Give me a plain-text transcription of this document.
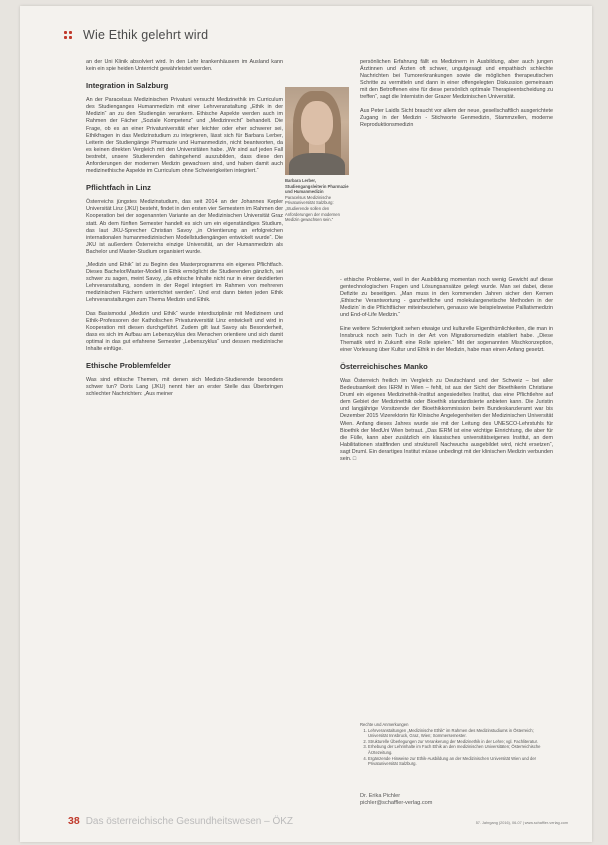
Wie Ethik gelehrt wird

an der Uni Klinik absolviert wird. In den Lehr krankenhäusern im Ausland kann kein ein spie heiden Unterricht gewährleistet werden.

Integration in Salzburg

An der Paracelsus Medizinischen Privatuni versucht Medizinethik im Curriculum des Studienganges Humanmedizin mit einer Lehrveranstaltung „Ethik in der Medizin“ an zu den Studiengän verankern. Ethische Aspekte werden auch im Rahmen der Fächer „Soziale Kompetenz“ und „Medizinrecht“ behandelt. Die Frage, ob es an einer Privatuniversität eher leichter oder eher schwerer sei, Ethikfragen in das Medizinstudium zu integrieren, lässt sich für Barbara Lerber, Leiterin der Studiengänge Pharmazie und Humanmedizin, nicht beantworten, da es keinen direkten Vergleich mit den Universitäten habe. „Wir sind auf jeden Fall bestrebt, unsere Studierenden dahingehend auszubilden, dass diese den Anforderungen der modernen Medizin gewachsen sind, und haben damit auch medizinethische Aspekte im Curriculum ohne Schwierigkeiten integriert.“

Pflichtfach in Linz

Österreichs jüngstes Medizinstudium, das seit 2014 an der Johannes Kepler Universität Linz (JKU) besteht, findet in den ersten vier Semestern im Rahmen der Kooperation bei der sogenannten Variante an der Medizinischen Universität Graz statt. Ab dem fünften Semester handelt es sich um ein eigenständiges Studium, das laut JKU-Sprecher Christian Savoy „in Orientierung an erfolgreichen internationalen humanmedizinischen Modellstudiengängen entwickelt wurde“. Die JKU ist außerdem Österreichs einzige Universität, an der Humanmedizin als Bachelor und Master-Studium organisiert wurde.

„Medizin und Ethik“ ist zu Beginn des Masterprogramms ein eigenes Pflichtfach. Dieses Bachelor/Master-Modell in Ethik ermöglicht die Studierenden gänzlich, sei schwer zu sagen, meint Savoy, „da ethische Inhalte nicht nur in einer dezidierten Lehrveranstaltung, sondern in der Regel integriert im Rahmen von mehreren medizinischen Fächern unterrichtet werden“. Und erst dann bieten jeden Ethik Lehrveranstaltungen zum Thema Medizin und Ethik.

Das Basismodul „Medizin und Ethik“ wurde interdisziplinär mit Medizinern und Ethik-Professoren der Katholischen Privatuniversität Linz entwickelt und wird in Kooperation mit diesen durchgeführt. Zudem gilt laut Savoy als Besonderheit, dass es sich im Aufbau am Lebenszyklus des Menschen orientiere und sich damit optimal in das gut erfahrene Semester „Lebenszyklus“ und dessen medizinische Inhalte einfüge.

Ethische Problemfelder

Was sind ethische Themen, mit denen sich Medizin-Studierende besonders schwer tun? Doris Lang (JKU) nennt hier an erster Stelle das Überbringen schlechter Nachrichten: „Aus meiner

Barbara Lerber, Studiengangsleiterin Pharmazie und Humanmedizin
Paracelsus Medizinische Privatuniversität Salzburg: „Studierende sollen den Anforderungen der modernen Medizin gewachsen sein.“

persönlichen Erfahrung fällt es Medizinern in Ausbildung, aber auch jungen Ärztinnen und Ärzten oft schwer, ungutgesagt und empathisch schlechte Nachrichten bei Tumorerkrankungen sowie die möglichen therapeutischen Schritte zu vermitteln und dann in einer offengelegten Diskussion gemeinsam mit den Betroffenen eine für diese persönlich optimale Therapieentscheidung zu treffen“, sagt die Internistin der Grazer Medizinischen Universität.

Aus Peter Laidls Sicht braucht vor allem der neue, gesellschaftlich ausgerichtete Zugang in der Medizin - Stichworte Genmedizin, Stammzellen, moderne Reproduktionsmedizin

- ethische Probleme, weil in der Ausbildung momentan noch wenig Gewicht auf diese gentechnologischen Fragen und Lösungsansätze gelegt wurde. Man sei dabei, diese Defizite zu beseitigen. „Man muss in den kommenden Jahren sicher den Kernen ‚Ethische Verantwortung - ganzheitliche und molekulargenetische Methoden in der Medizin‘ in die Pflichtfächer miteinbeziehen, genauso wie beispielsweise Palliativmedizin und End-of-Life Medizin.“

Eine weitere Schwierigkeit sehen etwaige und kulturelle Eigenthümlichkeiten, die man in Innsbruck noch sein Tuch in der Art von Migrationsmedizin etabliert habe. „Diese Thematik wird in Zukunft eine Rolle spielen.“ Mit der sogenannten Mischkonzeption, einer Vorlesung über Kultur und Ethik in der Medizin, habe man einen Anfang gesetzt.

Österreichisches Manko

Was Österreich freilich im Vergleich zu Deutschland und der Schweiz – bei aller Bedeutsamkeit des IERM in Wien – fehlt, ist aus der Sicht der Bioethikerin Christiane Druml ein eigenes Medizinethik-Institut angesiedeltes Institut, das eine Pflichtlehre auf dem Gebiet der Medizinethik oder Bioethik standardisierte anbieten kann. Die Juristin und langjährige Vorsitzende der Bioethikkommission beim Bundeskanzleramt war bis Dezember 2015 Vizerektorin für Klinische Angelegenheiten der Medizinischen Universität Wien. Anfang dieses Jahres wurde sie mit der Leitung des UNESCO-Lehrstuhls für Bioethik der MedUni Wien betraut. „Das IERM ist eine wichtige Einrichtung, die aber für die Fülle, kann aber zusätzlich ein klassisches universitätseigenes Institut, an dem Habilitationen stattfinden und strukturell Nachwuchs ausgebildet wird, nicht ersetzen“, sagt Druml. Ein derartiges Institut müsse unbedingt mit der klinischen Medizin verbunden sein. □

Rechte und Anmerkungen
1. Lehrveranstaltungen „Medizinische Ethik“ im Rahmen des Medizinstudiums in Österreich; Universität Innsbruck, Graz, Wien; Sommersemester.
2. Strukturelle Überlegungen zur Verankerung der Medizinethik in der Lehre; vgl. Fachliteratur.
3. Erhebung der Lehrinhalte im Fach Ethik an den medizinischen Universitäten; Österreichische Ärztezeitung.
4. Ergänzende Hinweise zur Ethik-Ausbildung an der Medizinischen Universität Wien und der Privatuniversität Salzburg.
Dr. Erika Pichler
pichler@schaffler-verlag.com
38 Das österreichische Gesundheitswesen – ÖKZ	57. Jahrgang (2016), 06-07 | www.schaffler-verlag.com
